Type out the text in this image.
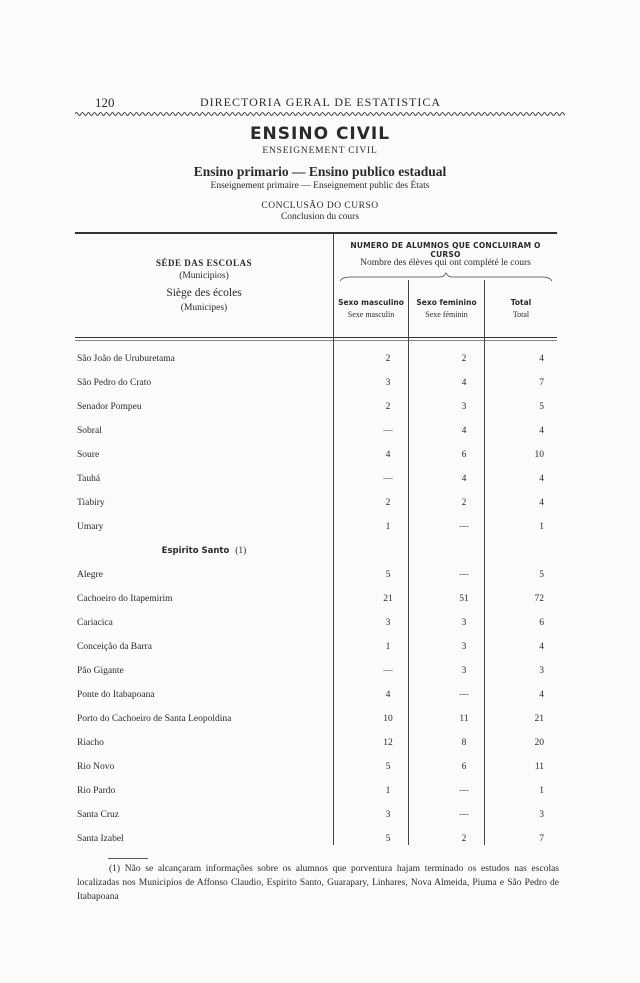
120	DIRECTORIA GERAL DE ESTATISTICA
ENSINO CIVIL
ENSEIGNEMENT CIVIL
Ensino primario — Ensino publico estadual
Enseignement primaire — Enseignement public des États
CONCLUSÃO DO CURSO
Conclusion du cours
SÉDE DAS ESCOLAS
(Municipios)
Siège des écoles
(Municipes)
NUMERO DE ALUMNOS QUE CONCLUIRAM O CURSO
Nombre des élèves qui ont complété le cours
Sexo masculino
Sexe masculin
Sexo feminino
Sexe féminin
Total
Total
São João de Uruburetama	2	2	4
São Pedro do Crato	3	4	7
Senador Pompeu	2	3	5
Sobral	—	4	4
Soure	4	6	10
Tauhá	—	4	4
Tiabiry	2	2	4
Umary	1	—	1
Espirito Santo (1)
Alegre	5	—	5
Cachoeiro do Itapemirim	21	51	72
Cariacica	3	3	6
Conceição da Barra	1	3	4
Pão Gigante	—	3	3
Ponte do Itabapoana	4	—	4
Porto do Cachoeiro de Santa Leopoldina	10	11	21
Riacho	12	8	20
Rio Novo	5	6	11
Rio Pardo	1	—	1
Santa Cruz	3	—	3
Santa Izabel	5	2	7
(1) Não se alcançaram informações sobre os alumnos que porventura hajam terminado os estudos nas escolas localizadas nos Municipios de Affonso Claudio, Espirito Santo, Guarapary, Linhares, Nova Almeida, Piuma e São Pedro de Itabapoana
